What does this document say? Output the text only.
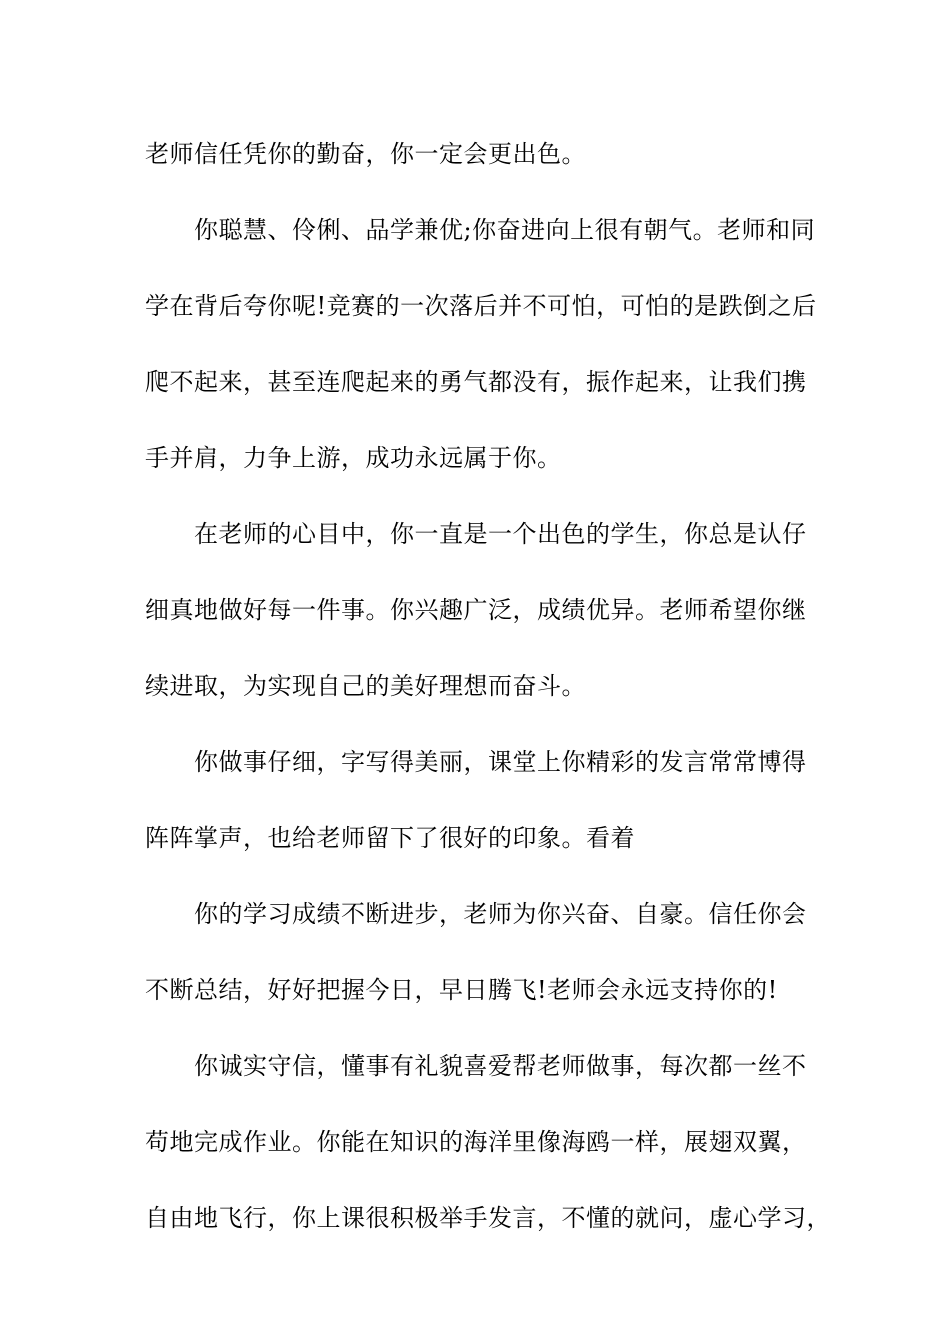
老师信任凭你的勤奋，你一定会更出色。
你聪慧、伶俐、品学兼优;你奋进向上很有朝气。老师和同
学在背后夸你呢!竞赛的一次落后并不可怕，可怕的是跌倒之后
爬不起来，甚至连爬起来的勇气都没有，振作起来，让我们携
手并肩，力争上游，成功永远属于你。
在老师的心目中，你一直是一个出色的学生，你总是认仔
细真地做好每一件事。你兴趣广泛，成绩优异。老师希望你继
续进取，为实现自己的美好理想而奋斗。
你做事仔细，字写得美丽，课堂上你精彩的发言常常博得
阵阵掌声，也给老师留下了很好的印象。看着
你的学习成绩不断进步，老师为你兴奋、自豪。信任你会
不断总结，好好把握今日，早日腾飞!老师会永远支持你的!
你诚实守信，懂事有礼貌喜爱帮老师做事，每次都一丝不
苟地完成作业。你能在知识的海洋里像海鸥一样，展翅双翼，
自由地飞行，你上课很积极举手发言，不懂的就问，虚心学习，
